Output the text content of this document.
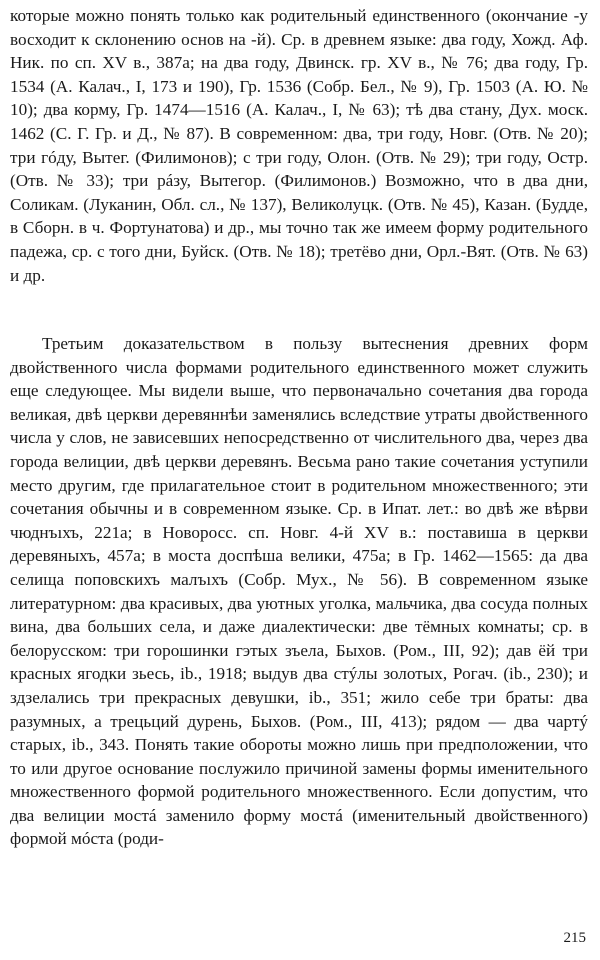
которые можно понять только как родительный единственного (окончание -у восходит к склонению основ на -й). Ср. в древнем языке: два году, Хожд. Аф. Ник. по сп. XV в., 387а; на два году, Двинск. гр. XV в., № 76; два году, Гр. 1534 (А. Калач., I, 173 и 190), Гр. 1536 (Собр. Бел., № 9), Гр. 1503 (А. Ю. № 10); два корму, Гр. 1474—1516 (А. Калач., I, № 63); тѣ два стану, Дух. моск. 1462 (С. Г. Гр. и Д., № 87). В современном: два, три году, Новг. (Отв. № 20); три гóду, Вытег. (Филимонов); с три году, Олон. (Отв. № 29); три году, Остр. (Отв. № 33); три рáзу, Вытегор. (Филимонов.) Возможно, что в два дни, Соликам. (Луканин, Обл. сл., № 137), Великолуцк. (Отв. № 45), Казан. (Будде, в Сборн. в ч. Фортунатова) и др., мы точно так же имеем форму родительного падежа, ср. с того дни, Буйск. (Отв. № 18); третёво дни, Орл.-Вят. (Отв. № 63) и др.

Третьим доказательством в пользу вытеснения древних форм двойственного числа формами родительного единственного может служить еще следующее. Мы видели выше, что первоначально сочетания два города великая, двѣ церкви деревяннѣи заменялись вследствие утраты двойственного числа у слов, не зависевших непосредственно от числительного два, через два города велиции, двѣ церкви деревянъ. Весьма рано такие сочетания уступили место другим, где прилагательное стоит в родительном множественного; эти сочетания обычны и в современном языке. Ср. в Ипат. лет.: во двѣ же вѣрви чюднъıхъ, 221а; в Новоросс. сп. Новг. 4-й XV в.: поставиша в церкви деревяныхъ, 457а; в моста доспѣша велики, 475а; в Гр. 1462—1565: да два селища поповскихъ малъıхъ (Собр. Мух., № 56). В современном языке литературном: два красивых, два уютных уголка, мальчика, два сосуда полных вина, два больших села, и даже диалектически: две тёмных комнаты; ср. в белорусском: три горошинки гэтых зъела, Быхов. (Ром., III, 92); дав ёй три красных ягодки зьесь, ib., 1918; выдув два стýлы золотых, Рогач. (ib., 230); и здзелались три прекрасных девушки, ib., 351; жило себе три браты: два разумных, а трецьций дурень, Быхов. (Ром., III, 413); рядом — два чартý старых, ib., 343. Понять такие обороты можно лишь при предположении, что то или другое основание послужило причиной замены формы именительного множественного формой родительного множественного. Если допустим, что два велиции мостá заменило форму мостá (именительный двойственного) формой мóста (роди-

215
